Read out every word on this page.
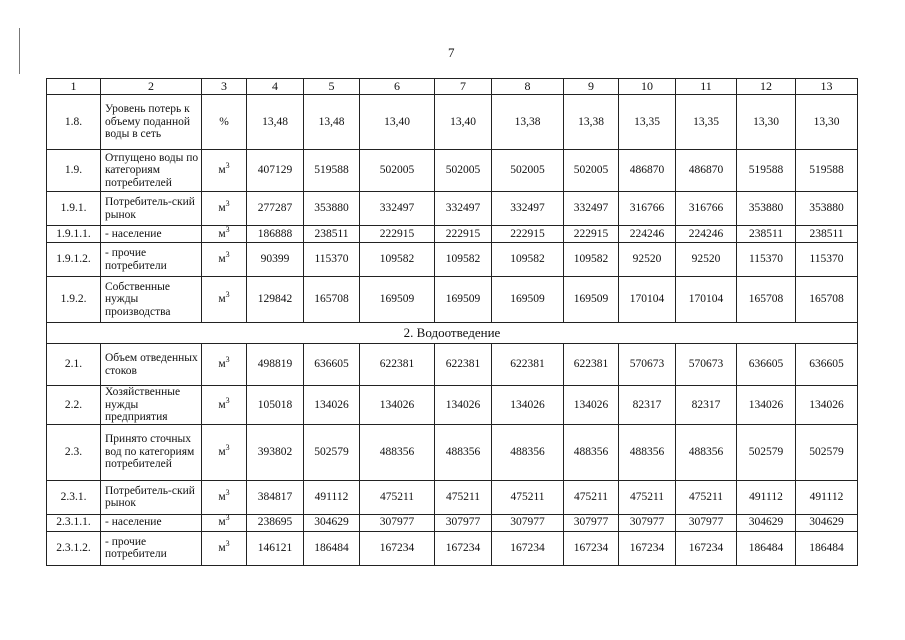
7
1	2	3	4	5	6	7	8	9	10	11	12	13
1.8.	Уровень потерь к объему поданной воды в сеть	%	13,48	13,48	13,40	13,40	13,38	13,38	13,35	13,35	13,30	13,30
1.9.	Отпущено воды по категориям потребителей	$м^3$	407129	519588	502005	502005	502005	502005	486870	486870	519588	519588
1.9.1.	Потребитель-ский рынок	$м^3$	277287	353880	332497	332497	332497	332497	316766	316766	353880	353880
1.9.1.1.	- население	$м^3$	186888	238511	222915	222915	222915	222915	224246	224246	238511	238511
1.9.1.2.	- прочие потребители	$м^3$	90399	115370	109582	109582	109582	109582	92520	92520	115370	115370
1.9.2.	Собственные нужды производства	$м^3$	129842	165708	169509	169509	169509	169509	170104	170104	165708	165708
2. Водоотведение												
2.1.	Объем отведенных стоков	$м^3$	498819	636605	622381	622381	622381	622381	570673	570673	636605	636605
2.2.	Хозяйственные нужды предприятия	$м^3$	105018	134026	134026	134026	134026	134026	82317	82317	134026	134026
2.3.	Принято сточных вод по категориям потребителей	$м^3$	393802	502579	488356	488356	488356	488356	488356	488356	502579	502579
2.3.1.	Потребитель-ский рынок	$м^3$	384817	491112	475211	475211	475211	475211	475211	475211	491112	491112
2.3.1.1.	- население	$м^3$	238695	304629	307977	307977	307977	307977	307977	307977	304629	304629
2.3.1.2.	- прочие потребители	$м^3$	146121	186484	167234	167234	167234	167234	167234	167234	186484	186484
